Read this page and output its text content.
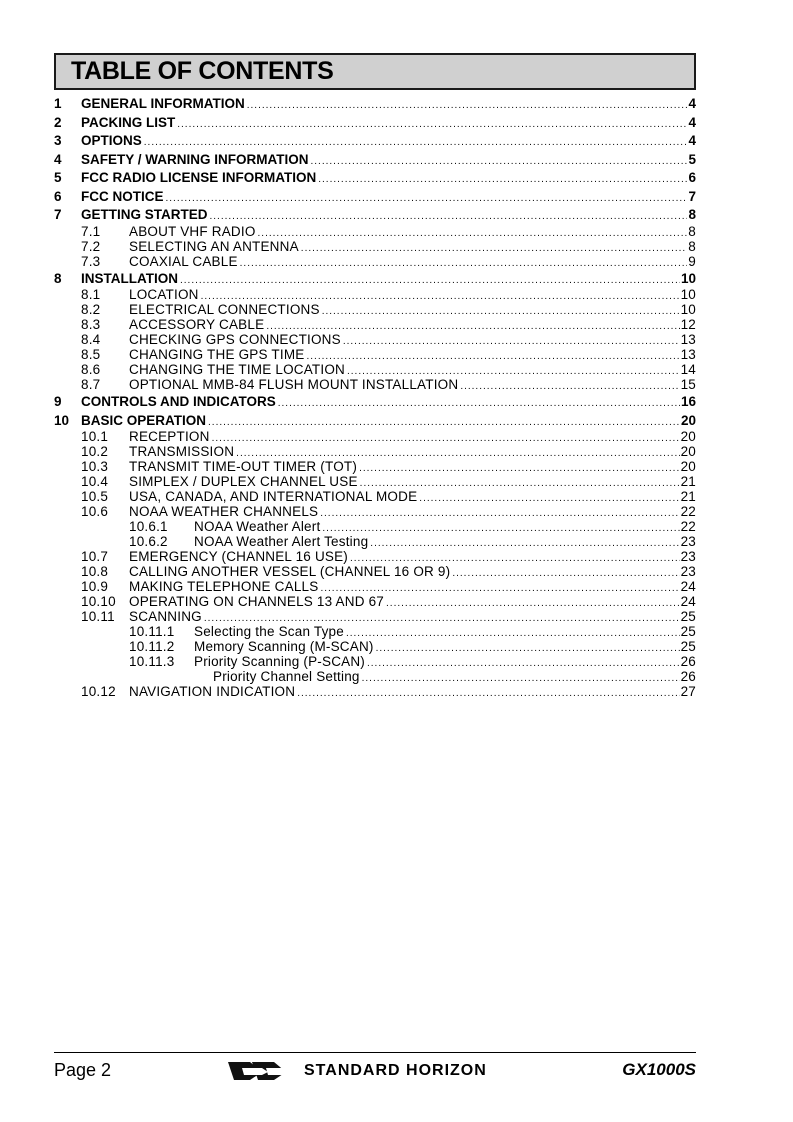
TABLE OF CONTENTS
1	GENERAL INFORMATION .....	4
2	PACKING LIST .....	4
3	OPTIONS .....	4
4	SAFETY / WARNING INFORMATION .....	5
5	FCC RADIO LICENSE INFORMATION .....	6
6	FCC NOTICE .....	7
7	GETTING STARTED .....	8
7.1	ABOUT VHF RADIO .....	8
7.2	SELECTING AN ANTENNA .....	8
7.3	COAXIAL CABLE .....	9
8	INSTALLATION .....	10
8.1	LOCATION .....	10
8.2	ELECTRICAL CONNECTIONS .....	10
8.3	ACCESSORY CABLE .....	12
8.4	CHECKING GPS CONNECTIONS .....	13
8.5	CHANGING THE GPS TIME .....	13
8.6	CHANGING THE TIME LOCATION .....	14
8.7	OPTIONAL MMB-84 FLUSH MOUNT INSTALLATION .....	15
9	CONTROLS AND INDICATORS .....	16
10 BASIC OPERATION .....	20
10.1	RECEPTION .....	20
10.2	TRANSMISSION .....	20
10.3	TRANSMIT TIME-OUT TIMER (TOT) .....	20
10.4	SIMPLEX / DUPLEX CHANNEL USE .....	21
10.5	USA, CANADA, AND INTERNATIONAL MODE .....	21
10.6	NOAA WEATHER CHANNELS .....	22
10.6.1	NOAA Weather Alert .....	22
10.6.2	NOAA Weather Alert Testing .....	23
10.7	EMERGENCY (CHANNEL 16 USE) .....	23
10.8	CALLING ANOTHER VESSEL (CHANNEL 16 OR 9) .....	23
10.9	MAKING TELEPHONE CALLS .....	24
10.10 OPERATING ON CHANNELS 13 AND 67 .....	24
10.11	SCANNING .....	25
10.11.1	Selecting the Scan Type .....	25
10.11.2	Memory Scanning (M-SCAN) .....	25
10.11.3	Priority Scanning (P-SCAN) .....	26
Priority Channel Setting .....	26
10.12 NAVIGATION INDICATION .....	27
Page 2	STANDARD HORIZON	GX1000S
